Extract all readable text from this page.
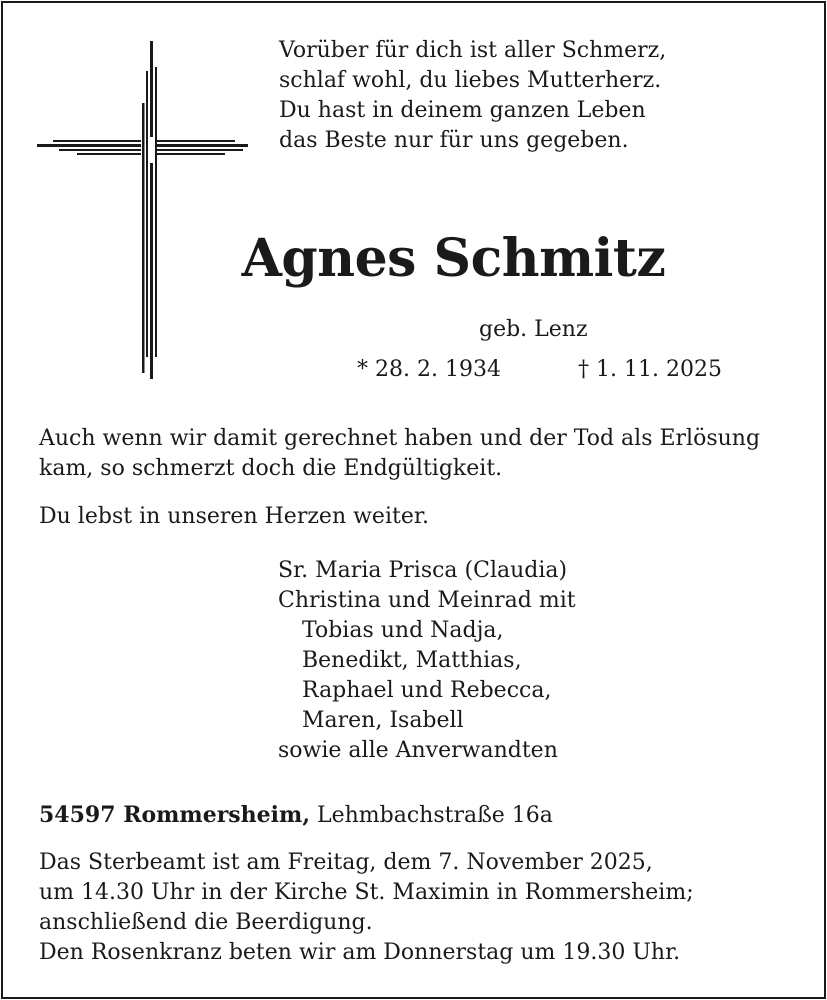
Vorüber für dich ist aller Schmerz,

schlaf wohl, du liebes Mutterherz.

Du hast in deinem ganzen Leben

das Beste nur für uns gegeben.

Agnes Schmitz

geb. Lenz

* 28. 2. 1934	† 1. 11. 2025

Auch wenn wir damit gerechnet haben und der Tod als Erlösung

kam, so schmerzt doch die Endgültigkeit.

Du lebst in unseren Herzen weiter.

Sr. Maria Prisca (Claudia)

Christina und Meinrad mit

Tobias und Nadja,

Benedikt, Matthias,

Raphael und Rebecca,

Maren, Isabell

sowie alle Anverwandten

54597 Rommersheim, Lehmbachstraße 16a

Das Sterbeamt ist am Freitag, dem 7. November 2025,

um 14.30 Uhr in der Kirche St. Maximin in Rommersheim;

anschließend die Beerdigung.

Den Rosenkranz beten wir am Donnerstag um 19.30 Uhr.
